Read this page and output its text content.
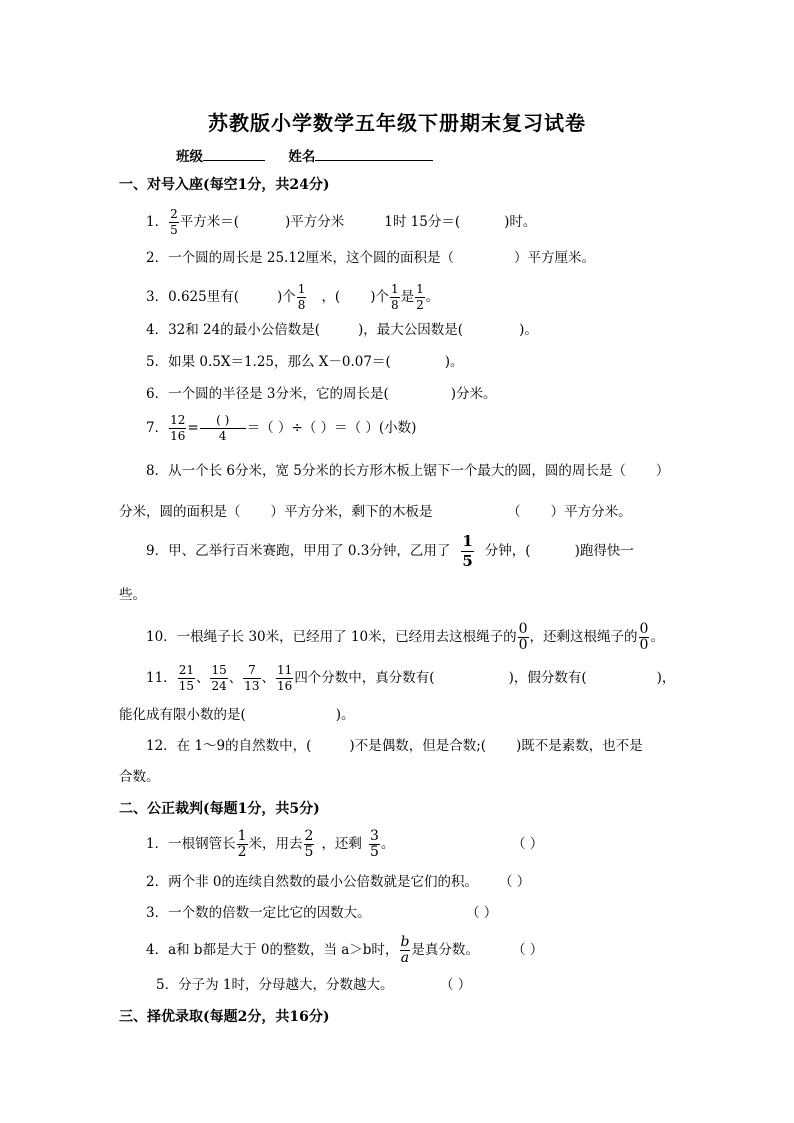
苏教版小学数学五年级下册期末复习试卷
班级	姓名
一、对号入座(每空1分，共24分)
1． $\frac{2}{5}$ 平方米＝(	)平方分米	1时 15分＝(	)时。
2．一个圆的周长是 25.12厘米，这个圆的面积是（	）平方厘米。
3．0.625里有(	)个 $\frac{1}{8}$ ，( )个 $\frac{1}{8}$ 是 $\frac{1}{2}$ 。
4．32和 24的最小公倍数是(	)，最大公因数是(	)。
5．如果 0.5X＝1.25，那么 X－0.07＝(	)。
6．一个圆的半径是 3分米，它的周长是(	)分米。
7． $\frac{12}{16} = \frac{( )}{4}$ ＝（ ）÷（ ）＝（ ）(小数)
8．从一个长 6分米，宽 5分米的长方形木板上锯下一个最大的圆，圆的周长是（ ）
分米，圆的面积是（ ）平方分米，剩下的木板是	（ ）平方分米。
9．甲、乙举行百米赛跑，甲用了 0.3分钟，乙用了 $\frac{1}{5}$ 分钟，(	)跑得快一
些。
10．一根绳子长 30米，已经用了 10米，已经用去这根绳子的 $\frac{0}{0}$ ，还剩这根绳子的 $\frac{0}{0}$ 。
11． $\frac{21}{15}$ 、 $\frac{15}{24}$ 、 $\frac{7}{13}$ 、 $\frac{11}{16}$ 四个分数中，真分数有(	)，假分数有(	)，
能化成有限小数的是(	)。
12．在 1～9的自然数中，(	)不是偶数，但是合数;( )既不是素数，也不是
合数。
二、公正裁判(每题1分，共5分)
1．一根钢管长 $\frac{1}{2}$ 米，用去 $\frac{2}{5}$ ，还剩 $\frac{3}{5}$ 。	（ ）
2．两个非 0的连续自然数的最小公倍数就是它们的积。 （ ）
3．一个数的倍数一定比它的因数大。	（ ）
4．a和 b都是大于 0的整数，当 a＞b时， $\frac{b}{a}$ 是真分数。 （ ）
5．分子为 1时，分母越大，分数越大。	（ ）
三、择优录取(每题2分，共16分)
